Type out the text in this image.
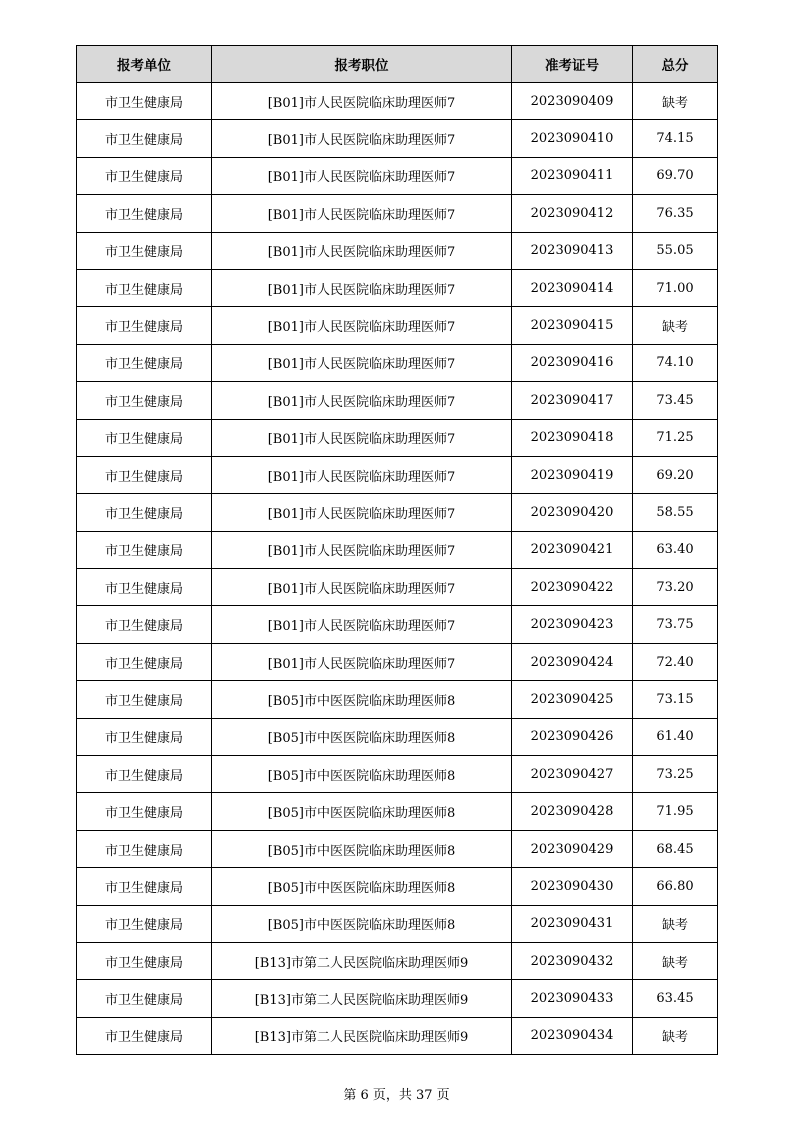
报考单位	报考职位	准考证号	总分
市卫生健康局	[B01]市人民医院临床助理医师7	2023090409	缺考
市卫生健康局	[B01]市人民医院临床助理医师7	2023090410	74.15
市卫生健康局	[B01]市人民医院临床助理医师7	2023090411	69.70
市卫生健康局	[B01]市人民医院临床助理医师7	2023090412	76.35
市卫生健康局	[B01]市人民医院临床助理医师7	2023090413	55.05
市卫生健康局	[B01]市人民医院临床助理医师7	2023090414	71.00
市卫生健康局	[B01]市人民医院临床助理医师7	2023090415	缺考
市卫生健康局	[B01]市人民医院临床助理医师7	2023090416	74.10
市卫生健康局	[B01]市人民医院临床助理医师7	2023090417	73.45
市卫生健康局	[B01]市人民医院临床助理医师7	2023090418	71.25
市卫生健康局	[B01]市人民医院临床助理医师7	2023090419	69.20
市卫生健康局	[B01]市人民医院临床助理医师7	2023090420	58.55
市卫生健康局	[B01]市人民医院临床助理医师7	2023090421	63.40
市卫生健康局	[B01]市人民医院临床助理医师7	2023090422	73.20
市卫生健康局	[B01]市人民医院临床助理医师7	2023090423	73.75
市卫生健康局	[B01]市人民医院临床助理医师7	2023090424	72.40
市卫生健康局	[B05]市中医医院临床助理医师8	2023090425	73.15
市卫生健康局	[B05]市中医医院临床助理医师8	2023090426	61.40
市卫生健康局	[B05]市中医医院临床助理医师8	2023090427	73.25
市卫生健康局	[B05]市中医医院临床助理医师8	2023090428	71.95
市卫生健康局	[B05]市中医医院临床助理医师8	2023090429	68.45
市卫生健康局	[B05]市中医医院临床助理医师8	2023090430	66.80
市卫生健康局	[B05]市中医医院临床助理医师8	2023090431	缺考
市卫生健康局	[B13]市第二人民医院临床助理医师9	2023090432	缺考
市卫生健康局	[B13]市第二人民医院临床助理医师9	2023090433	63.45
市卫生健康局	[B13]市第二人民医院临床助理医师9	2023090434	缺考
第 6 页，共 37 页
